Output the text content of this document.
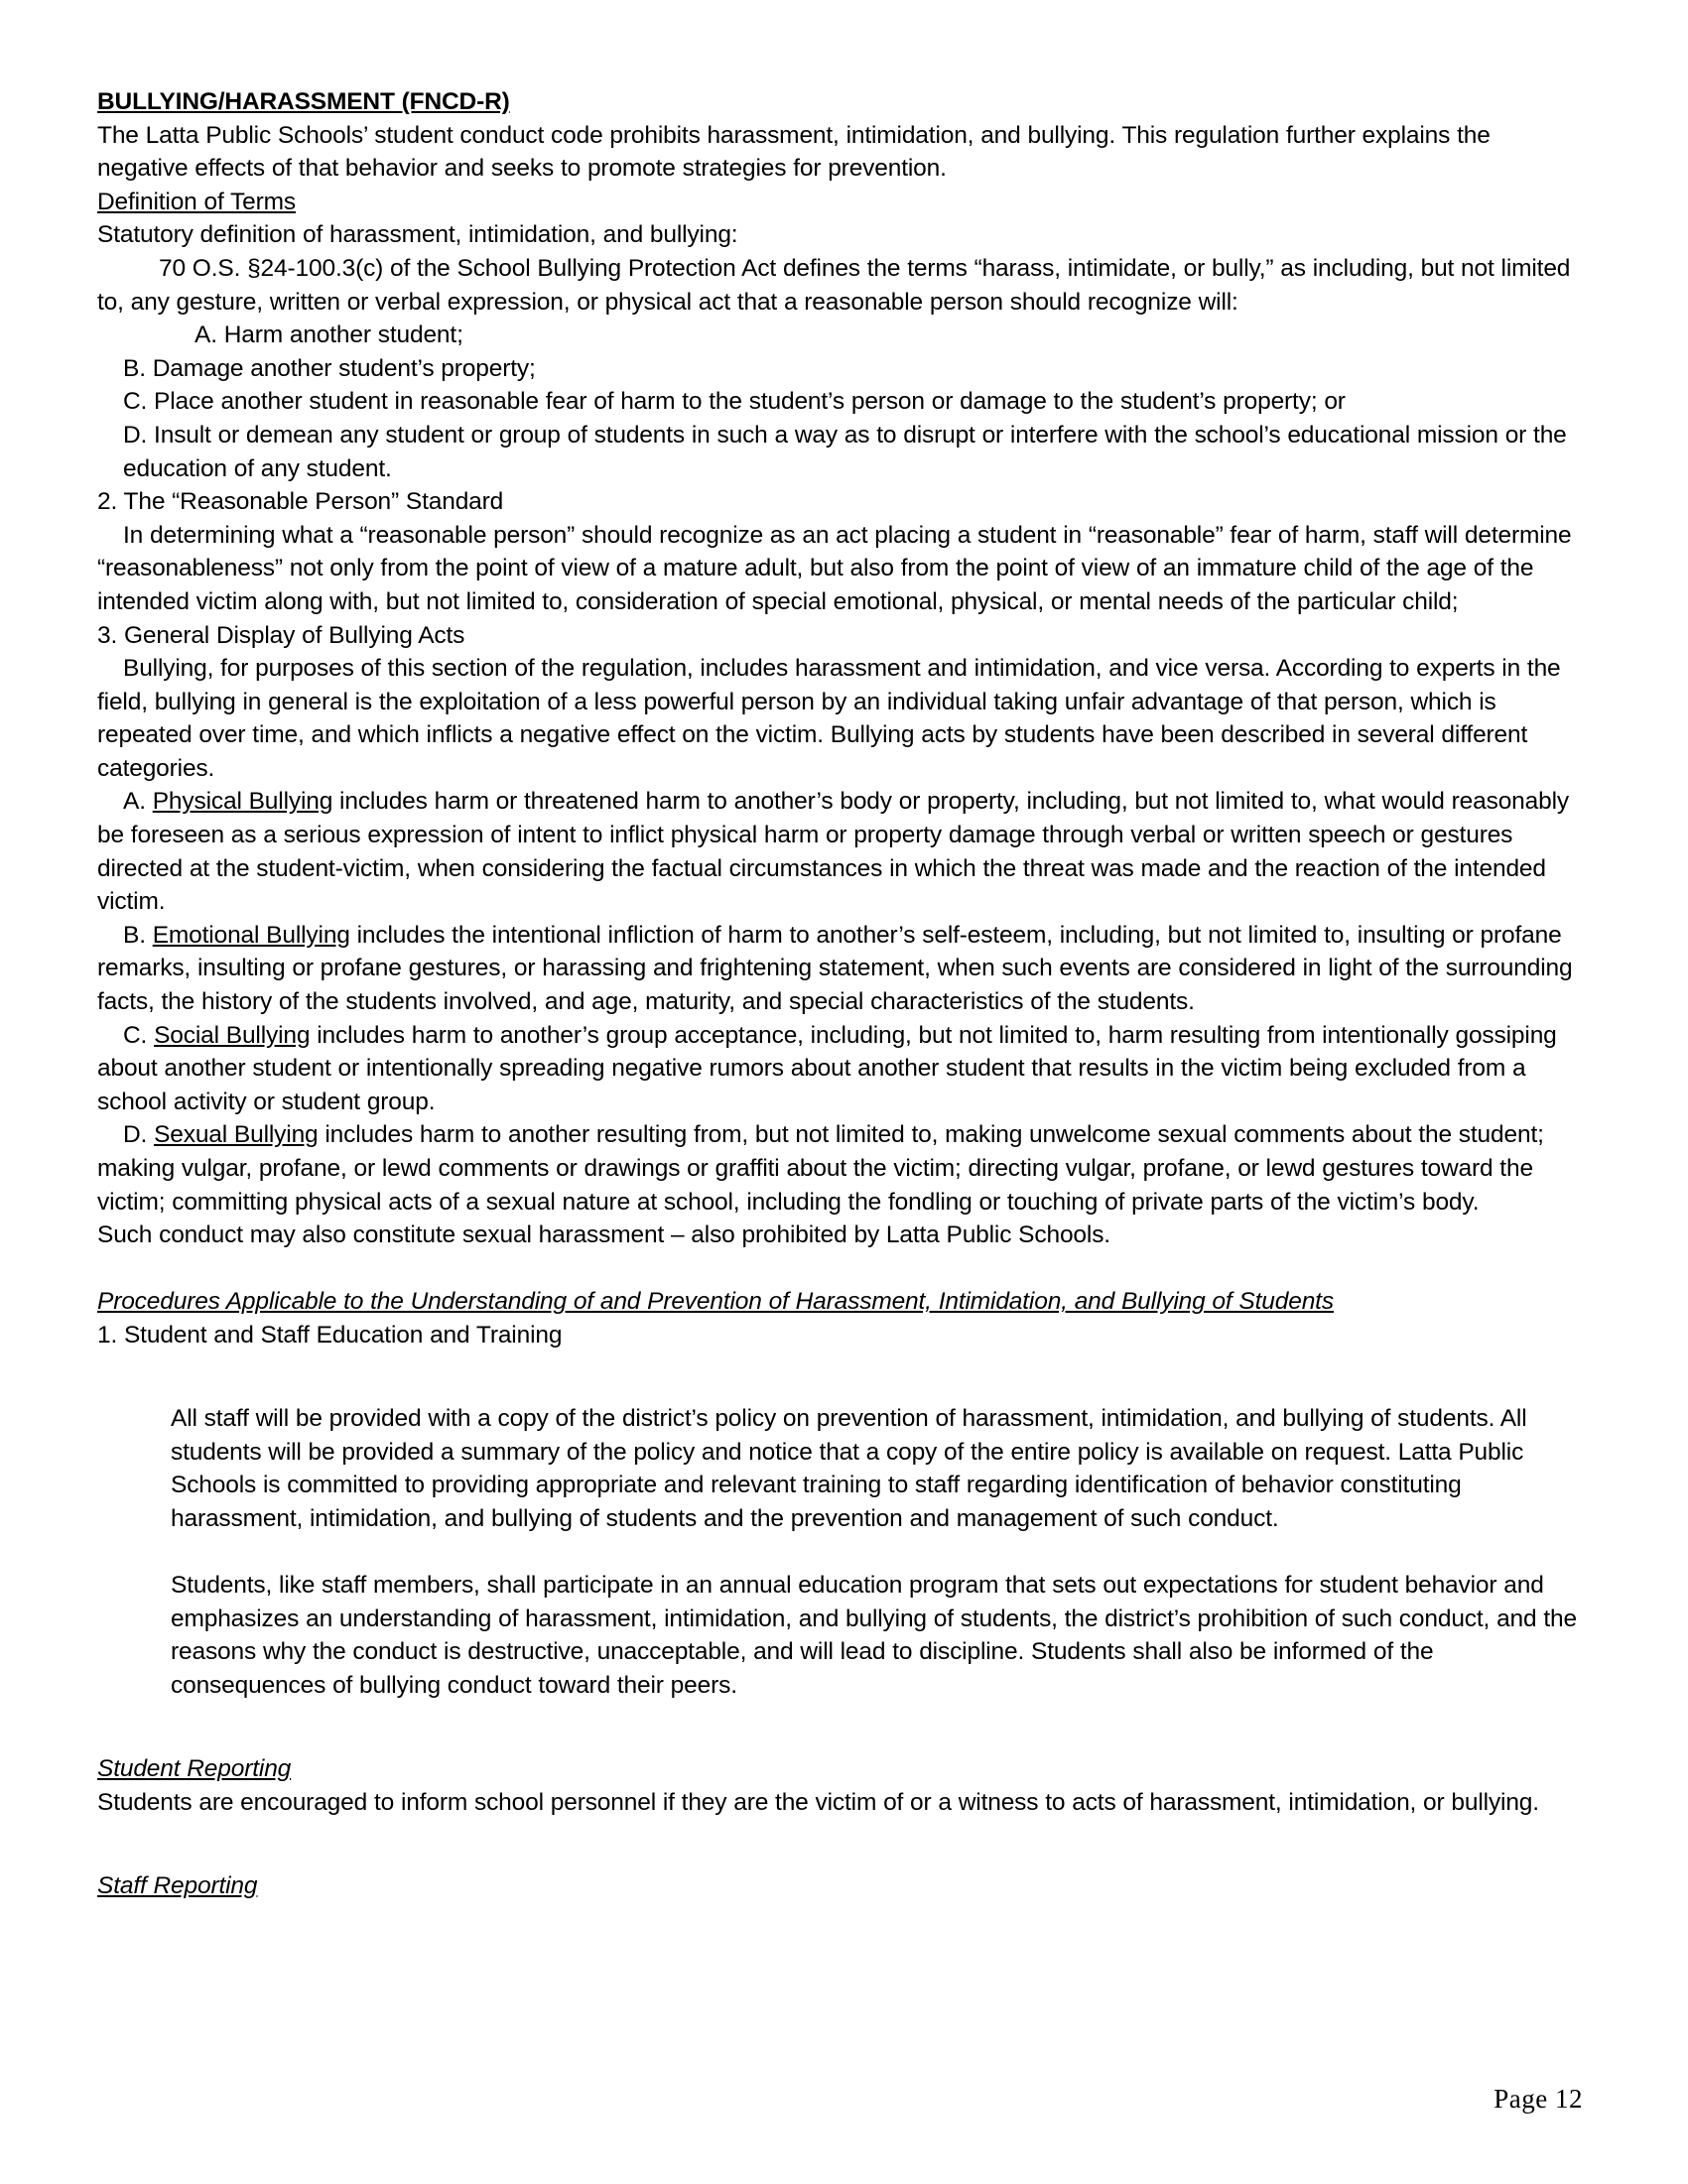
BULLYING/HARASSMENT (FNCD-R)

The Latta Public Schools’ student conduct code prohibits harassment, intimidation, and bullying. This regulation further explains the negative effects of that behavior and seeks to promote strategies for prevention.

Definition of Terms

Statutory definition of harassment, intimidation, and bullying:

70 O.S. §24-100.3(c) of the School Bullying Protection Act defines the terms “harass, intimidate, or bully,” as including, but not limited to, any gesture, written or verbal expression, or physical act that a reasonable person should recognize will:

A. Harm another student;

B. Damage another student’s property;

C. Place another student in reasonable fear of harm to the student’s person or damage to the student’s property; or

D. Insult or demean any student or group of students in such a way as to disrupt or interfere with the school’s educational mission or the education of any student.

2. The “Reasonable Person” Standard

In determining what a “reasonable person” should recognize as an act placing a student in “reasonable” fear of harm, staff will determine “reasonableness” not only from the point of view of a mature adult, but also from the point of view of an immature child of the age of the intended victim along with, but not limited to, consideration of special emotional, physical, or mental needs of the particular child;

3. General Display of Bullying Acts

Bullying, for purposes of this section of the regulation, includes harassment and intimidation, and vice versa. According to experts in the field, bullying in general is the exploitation of a less powerful person by an individual taking unfair advantage of that person, which is repeated over time, and which inflicts a negative effect on the victim. Bullying acts by students have been described in several different categories.

A. Physical Bullying includes harm or threatened harm to another’s body or property, including, but not limited to, what would reasonably be foreseen as a serious expression of intent to inflict physical harm or property damage through verbal or written speech or gestures directed at the student-victim, when considering the factual circumstances in which the threat was made and the reaction of the intended victim.

B. Emotional Bullying includes the intentional infliction of harm to another’s self-esteem, including, but not limited to, insulting or profane remarks, insulting or profane gestures, or harassing and frightening statement, when such events are considered in light of the surrounding facts, the history of the students involved, and age, maturity, and special characteristics of the students.

C. Social Bullying includes harm to another’s group acceptance, including, but not limited to, harm resulting from intentionally gossiping about another student or intentionally spreading negative rumors about another student that results in the victim being excluded from a school activity or student group.

D. Sexual Bullying includes harm to another resulting from, but not limited to, making unwelcome sexual comments about the student; making vulgar, profane, or lewd comments or drawings or graffiti about the victim; directing vulgar, profane, or lewd gestures toward the victim; committing physical acts of a sexual nature at school, including the fondling or touching of private parts of the victim’s body.

Such conduct may also constitute sexual harassment – also prohibited by Latta Public Schools.

Procedures Applicable to the Understanding of and Prevention of Harassment, Intimidation, and Bullying of Students

1. Student and Staff Education and Training

All staff will be provided with a copy of the district’s policy on prevention of harassment, intimidation, and bullying of students. All students will be provided a summary of the policy and notice that a copy of the entire policy is available on request. Latta Public Schools is committed to providing appropriate and relevant training to staff regarding identification of behavior constituting harassment, intimidation, and bullying of students and the prevention and management of such conduct.

Students, like staff members, shall participate in an annual education program that sets out expectations for student behavior and emphasizes an understanding of harassment, intimidation, and bullying of students, the district’s prohibition of such conduct, and the reasons why the conduct is destructive, unacceptable, and will lead to discipline. Students shall also be informed of the consequences of bullying conduct toward their peers.

Student Reporting

Students are encouraged to inform school personnel if they are the victim of or a witness to acts of harassment, intimidation, or bullying.

Staff Reporting

Page 12
